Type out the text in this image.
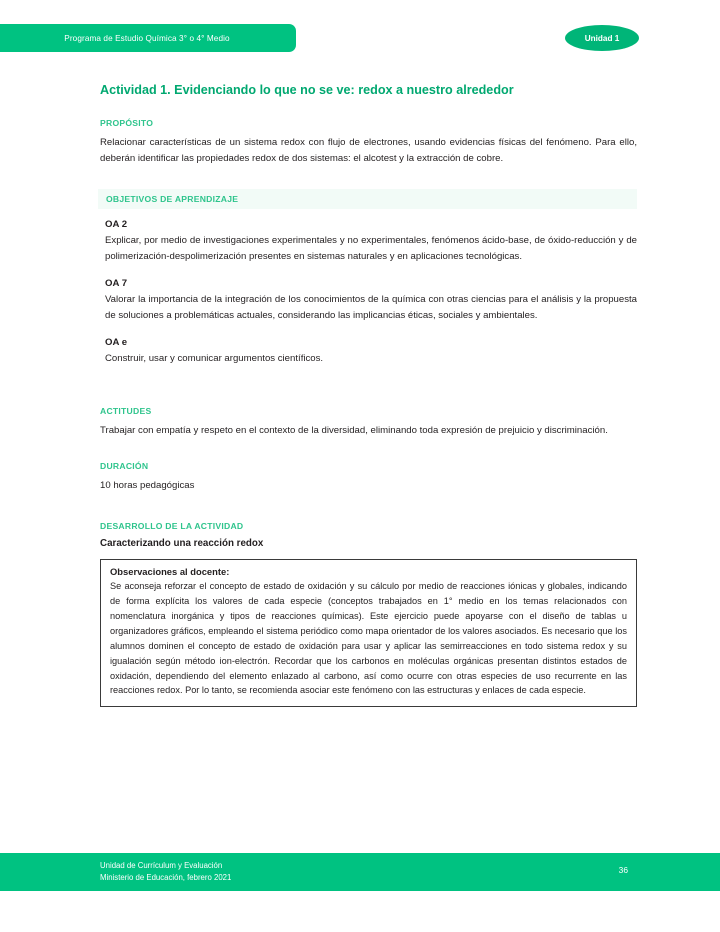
Programa de Estudio Química 3° o 4° Medio	Unidad 1
Actividad 1. Evidenciando lo que no se ve: redox a nuestro alrededor
PROPÓSITO

Relacionar características de un sistema redox con flujo de electrones, usando evidencias físicas del fenómeno. Para ello, deberán identificar las propiedades redox de dos sistemas: el alcotest y la extracción de cobre.

OBJETIVOS DE APRENDIZAJE
OA 2

Explicar, por medio de investigaciones experimentales y no experimentales, fenómenos ácido-base, de óxido-reducción y de polimerización-despolimerización presentes en sistemas naturales y en aplicaciones tecnológicas.

OA 7

Valorar la importancia de la integración de los conocimientos de la química con otras ciencias para el análisis y la propuesta de soluciones a problemáticas actuales, considerando las implicancias éticas, sociales y ambientales.

OA e

Construir, usar y comunicar argumentos científicos.

ACTITUDES

Trabajar con empatía y respeto en el contexto de la diversidad, eliminando toda expresión de prejuicio y discriminación.

DURACIÓN

10 horas pedagógicas

DESARROLLO DE LA ACTIVIDAD
Caracterizando una reacción redox
Observaciones al docente:

Se aconseja reforzar el concepto de estado de oxidación y su cálculo por medio de reacciones iónicas y globales, indicando de forma explícita los valores de cada especie (conceptos trabajados en 1° medio en los temas relacionados con nomenclatura inorgánica y tipos de reacciones químicas). Este ejercicio puede apoyarse con el diseño de tablas u organizadores gráficos, empleando el sistema periódico como mapa orientador de los valores asociados. Es necesario que los alumnos dominen el concepto de estado de oxidación para usar y aplicar las semirreacciones en todo sistema redox y su igualación según método ion-electrón. Recordar que los carbonos en moléculas orgánicas presentan distintos estados de oxidación, dependiendo del elemento enlazado al carbono, así como ocurre con otras especies de uso recurrente en las reacciones redox. Por lo tanto, se recomienda asociar este fenómeno con las estructuras y enlaces de cada especie.

Unidad de Currículum y Evaluación
Ministerio de Educación, febrero 2021
36
